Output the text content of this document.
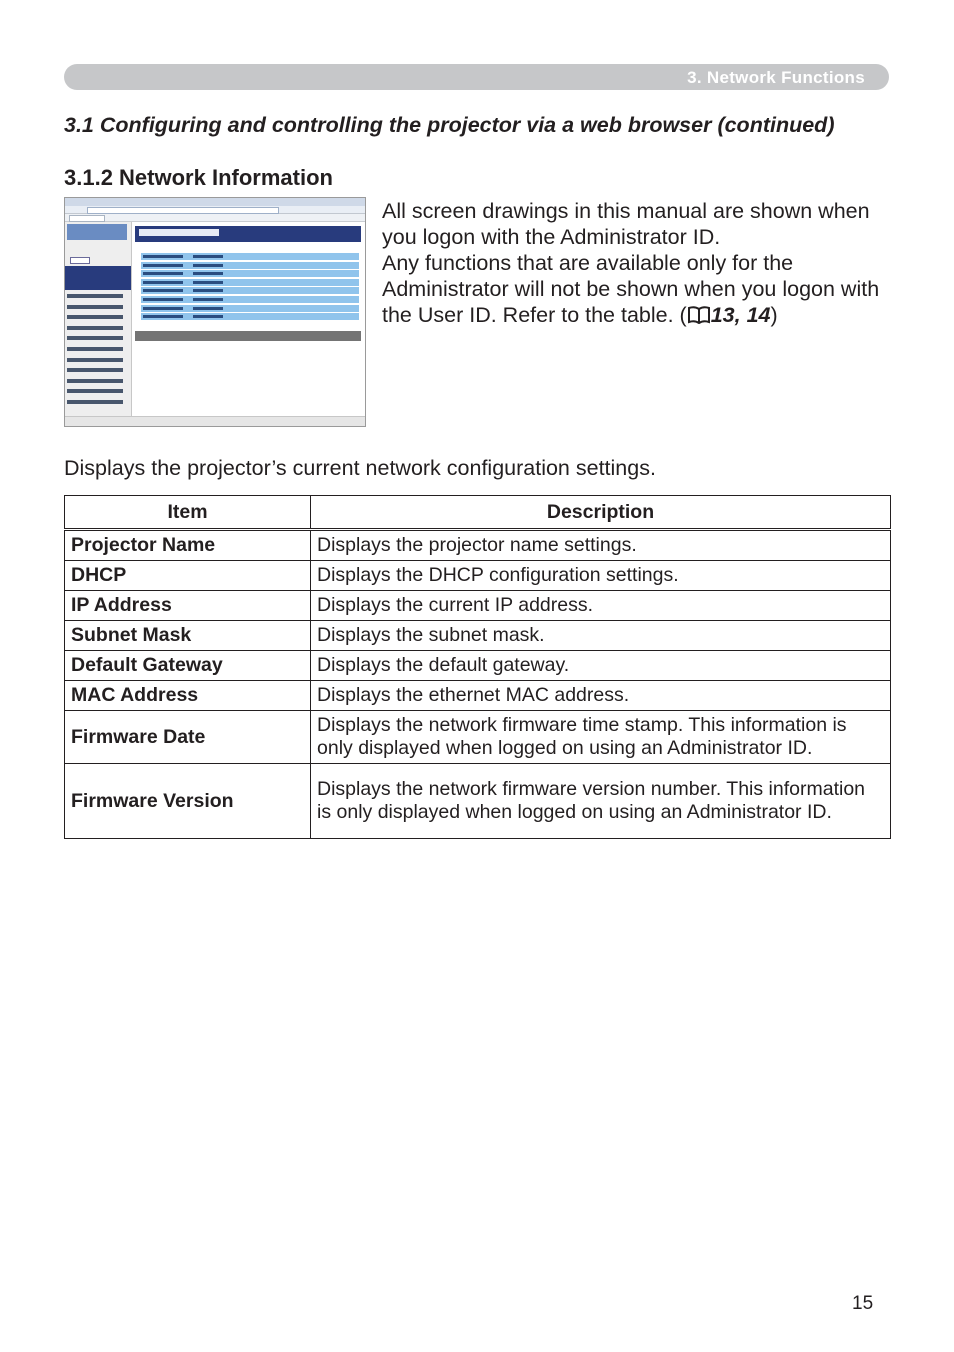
3. Network Functions
3.1 Configuring and controlling the projector via a web browser (continued)
3.1.2 Network Information

All screen drawings in this manual are shown when you logon with the Administrator ID.

Any functions that are available only for the Administrator will not be shown when you logon with the User ID. Refer to the table. ( 13, 14)

Displays the projector’s current network configuration settings.
Item	Description
Projector Name	Displays the projector name settings.
DHCP	Displays the DHCP configuration settings.
IP Address	Displays the current IP address.
Subnet Mask	Displays the subnet mask.
Default Gateway	Displays the default gateway.
MAC Address	Displays the ethernet MAC address.
Firmware Date	Displays the network firmware time stamp. This information is only displayed when logged on using an Administrator ID.
Firmware Version	Displays the network firmware version number. This information is only displayed when logged on using an Administrator ID.
15
